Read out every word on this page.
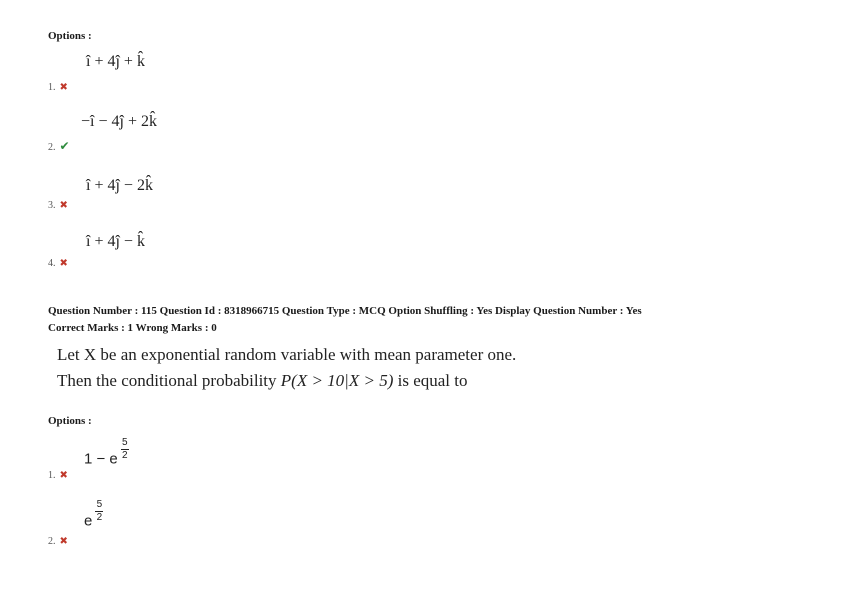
Options :
î + 4ĵ + k̂
1. ✖
−î − 4ĵ + 2k̂
2. ✔
î + 4ĵ − 2k̂
3. ✖
î + 4ĵ − k̂
4. ✖
Question Number : 115 Question Id : 8318966715 Question Type : MCQ Option Shuffling : Yes Display Question Number : Yes
Correct Marks : 1 Wrong Marks : 0
Let X be an exponential random variable with mean parameter one.
Then the conditional probability P(X > 10|X > 5) is equal to
Options :
1 − e $\frac{5}{2}$
1. ✖
e $\frac{5}{2}$
2. ✖
